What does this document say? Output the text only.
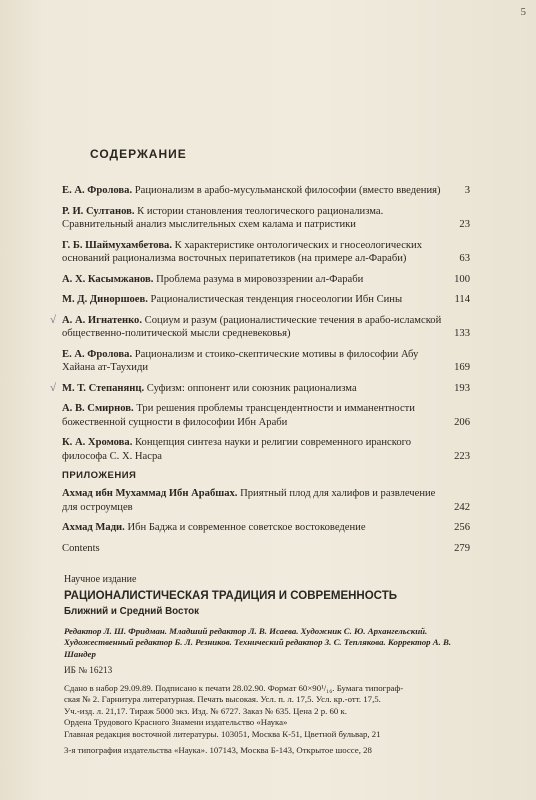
5
СОДЕРЖАНИЕ
Е. А. Фролова. Рационализм в арабо-мусульманской философии (вместо введения)	3
Р. И. Султанов. К истории становления теологического рационализма. Сравнительный анализ мыслительных схем калама и патристики	23
Г. Б. Шаймухамбетова. К характеристике онтологических и гносеологических оснований рационализма восточных перипатетиков (на примере ал-Фараби)	63
А. Х. Касымжанов. Проблема разума в мировоззрении ал-Фараби	100
М. Д. Диноршоев. Рационалистическая тенденция гносеологии Ибн Сины	114
√ А. А. Игнатенко. Социум и разум (рационалистические течения в арабо-исламской общественно-политической мысли средневековья)	133
Е. А. Фролова. Рационализм и стоико-скептические мотивы в философии Абу Хайана ат-Таухиди	169
√ М. Т. Степанянц. Суфизм: оппонент или союзник рационализма	193
А. В. Смирнов. Три решения проблемы трансцендентности и имманентности божественной сущности в философии Ибн Араби	206
К. А. Хромова. Концепция синтеза науки и религии современного иранского философа С. Х. Насра	223
ПРИЛОЖЕНИЯ
Ахмад ибн Мухаммад Ибн Арабшах. Приятный плод для халифов и развлечение для остроумцев	242
Ахмад Мади. Ибн Баджа и современное советское востоковедение	256
Contents	279
Научное издание
РАЦИОНАЛИСТИЧЕСКАЯ ТРАДИЦИЯ И СОВРЕМЕННОСТЬ
Ближний и Средний Восток
Редактор Л. Ш. Фридман. Младший редактор Л. В. Исаева. Художник С. Ю. Архангельский. Художественный редактор Б. Л. Резников. Технический редактор З. С. Теплякова. Корректор А. В. Шандер
ИБ № 16213
Сдано в набор 29.09.89. Подписано к печати 28.02.90. Формат 60×90¹/₁₆. Бумага типограф-
ская № 2. Гарнитура литературная. Печать высокая. Усл. п. л. 17,5. Усл. кр.-отт. 17,5.
Уч.-изд. л. 21,17. Тираж 5000 экз. Изд. № 6727. Заказ № 635. Цена 2 р. 60 к.
Ордена Трудового Красного Знамени издательство «Наука»
Главная редакция восточной литературы. 103051, Москва К-51, Цветной бульвар, 21
3-я типография издательства «Наука». 107143, Москва Б-143, Открытое шоссе, 28
